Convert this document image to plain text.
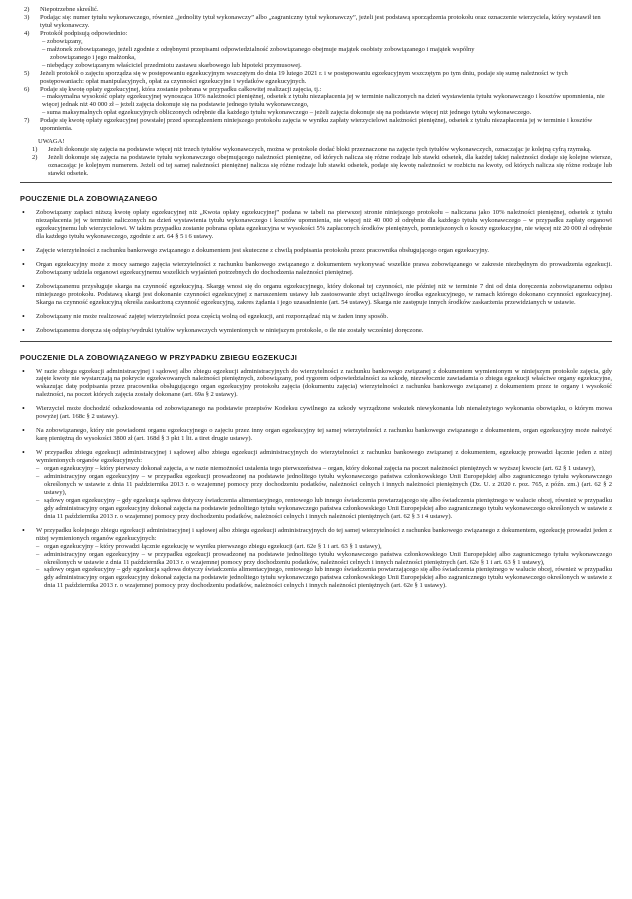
2)	Niepotrzebne skreślić.
3)	Podając się: numer tytułu wykonawczego, również „jednolity tytuł wykonawczy” albo „zagraniczny tytuł wykonawczy”, jeżeli jest podstawą sporządzenia protokołu oraz oznaczenie wierzyciela, który wystawił ten tytuł wykonawczy.
4)	Protokół podpisują odpowiednio:
– zobowiązany,
– małżonek zobowiązanego, jeżeli zgodnie z odrębnymi przepisami odpowiedzialność zobowiązanego obejmuje majątek osobisty zobowiązanego i majątek wspólny
zobowiązanego i jego małżonka,
– niebędący zobowiązanym właściciel przedmiotu zastawu skarbowego lub hipoteki przymusowej.
5)	Jeżeli protokół o zajęciu sporządza się w postępowaniu egzekucyjnym wszczętym do dnia 19 lutego 2021 r. i w postępowaniu egzekucyjnym wszczętym po tym dniu, podaje się sumę należności w tych postępowaniach: opłat manipulacyjnych, opłat za czynności egzekucyjne i wydatków egzekucyjnych.
6)	Podaje się kwotę opłaty egzekucyjnej, która zostanie pobrana w przypadku całkowitej realizacji zajęcia, tj.:
– maksymalna wysokość opłaty egzekucyjnej wynosząca 10% należności pieniężnej, odsetek z tytułu niezapłacenia jej w terminie naliczonych na dzień wystawienia tytułu wykonawczego i kosztów upomnienia, nie więcej jednak niż 40 000 zł – jeżeli zajęcia dokonuje się na podstawie jednego tytułu wykonawczego,
– suma maksymalnych opłat egzekucyjnych obliczonych odrębnie dla każdego tytułu wykonawczego – jeżeli zajęcia dokonuje się na podstawie więcej niż jednego tytułu wykonawczego.
7)	Podaje się kwotę opłaty egzekucyjnej powstałej przed sporządzeniem niniejszego protokołu zajęcia w wyniku zapłaty wierzycielowi należności pieniężnej, odsetek z tytułu niezapłacenia jej w terminie i kosztów upomnienia.
UWAGA!
1)	Jeżeli dokonuje się zajęcia na podstawie więcej niż trzech tytułów wykonawczych, można w protokole dodać bloki przeznaczone na zajęcie tych tytułów wykonawczych, oznaczając je kolejną cyfrą rzymską.
2)	Jeżeli dokonuje się zajęcia na podstawie tytułu wykonawczego obejmującego należności pieniężne, od których nalicza się różne rodzaje lub stawki odsetek, dla każdej takiej należności dodaje się kolejne wiersze, oznaczając je kolejnym numerem. Jeżeli od tej samej należności pieniężnej nalicza się różne rodzaje lub stawki odsetek, podaje się kwotę należności w rozbiciu na kwoty, od których nalicza się różne rodzaje lub stawki odsetek.
POUCZENIE DLA ZOBOWIĄZANEGO
•	Zobowiązany zapłaci niższą kwotę opłaty egzekucyjnej niż „Kwota opłaty egzekucyjnej” podana w tabeli na pierwszej stronie niniejszego protokołu – naliczana jako 10% należności pieniężnej, odsetek z tytułu niezapłacenia jej w terminie naliczonych na dzień wystawienia tytułu wykonawczego i kosztów upomnienia, nie więcej niż 40 000 zł odrębnie dla każdego tytułu wykonawczego – w przypadku zapłaty organowi egzekucyjnemu lub wierzycielowi. W takim przypadku zostanie pobrana opłata egzekucyjna w wysokości 5% zapłaconych środków pieniężnych, pomniejszonych o koszty egzekucyjne, nie więcej niż 20 000 zł odrębnie dla każdego tytułu wykonawczego, zgodnie z art. 64 § 5 i 6 ustawy.
•	Zajęcie wierzytelności z rachunku bankowego związanego z dokumentem jest skuteczne z chwilą podpisania protokołu przez pracownika obsługującego organ egzekucyjny.
•	Organ egzekucyjny może z mocy samego zajęcia wierzytelności z rachunku bankowego związanego z dokumentem wykonywać wszelkie prawa zobowiązanego w zakresie niezbędnym do prowadzenia egzekucji. Zobowiązany udziela organowi egzekucyjnemu wszelkich wyjaśnień potrzebnych do dochodzenia należności pieniężnej.
•	Zobowiązanemu przysługuje skarga na czynność egzekucyjną. Skargę wnosi się do organu egzekucyjnego, który dokonał tej czynności, nie później niż w terminie 7 dni od dnia doręczenia zobowiązanemu odpisu niniejszego protokołu. Podstawą skargi jest dokonanie czynności egzekucyjnej z naruszeniem ustawy lub zastosowanie zbyt uciążliwego środka egzekucyjnego, w ramach którego dokonano czynności egzekucyjnej. Skarga na czynność egzekucyjną określa zaskarżoną czynność egzekucyjną, zakres żądania i jego uzasadnienie (art. 54 ustawy). Skarga nie zastępuje innych środków zaskarżenia przewidzianych w ustawie.
•	Zobowiązany nie może realizować zajętej wierzytelności poza częścią wolną od egzekucji, ani rozporządzać nią w żaden inny sposób.
•	Zobowiązanemu doręcza się odpisy/wydruki tytułów wykonawczych wymienionych w niniejszym protokole, o ile nie zostały wcześniej doręczone.
POUCZENIE DLA ZOBOWIĄZANEGO W PRZYPADKU ZBIEGU EGZEKUCJI
•	W razie zbiegu egzekucji administracyjnej i sądowej albo zbiegu egzekucji administracyjnych do wierzytelności z rachunku bankowego związanej z dokumentem wymienionym w niniejszym protokole zajęcia, gdy zajęte kwoty nie wystarczają na pokrycie egzekwowanych należności pieniężnych, zobowiązany, pod rygorem odpowiedzialności za szkodę, niezwłocznie zawiadamia o zbiegu egzekucji właściwe organy egzekucyjne, wskazując datę podpisania przez pracownika obsługującego organ egzekucyjny protokołu zajęcia (dokumentu zajęcia) wierzytelności z rachunku bankowego związanej z dokumentem przez te organy i wysokość należności, na poczet których zajęcia zostały dokonane (art. 69a § 2 ustawy).
•	Wierzyciel może dochodzić odszkodowania od zobowiązanego na podstawie przepisów Kodeksu cywilnego za szkody wyrządzone wskutek niewykonania lub nienależytego wykonania obowiązku, o którym mowa powyżej (art. 168c § 2 ustawy).
•	Na zobowiązanego, który nie powiadomi organu egzekucyjnego o zajęciu przez inny organ egzekucyjny tej samej wierzytelności z rachunku bankowego związanego z dokumentem, organ egzekucyjny może nałożyć karę pieniężną do wysokości 3800 zł (art. 168d § 3 pkt 1 lit. a tiret drugie ustawy).
•	W przypadku zbiegu egzekucji administracyjnej i sądowej albo zbiegu egzekucji administracyjnych do wierzytelności z rachunku bankowego związanej z dokumentem, egzekucję prowadzi łącznie jeden z niżej wymienionych organów egzekucyjnych:
– organ egzekucyjny – który pierwszy dokonał zajęcia, a w razie niemożności ustalenia tego pierwszeństwa – organ, który dokonał zajęcia na poczet należności pieniężnych w wyższej kwocie (art. 62 § 1 ustawy),
– administracyjny organ egzekucyjny – w przypadku egzekucji prowadzonej na podstawie jednolitego tytułu wykonawczego państwa członkowskiego Unii Europejskiej albo zagranicznego tytułu wykonawczego określonych w ustawie z dnia 11 października 2013 r. o wzajemnej pomocy przy dochodzeniu podatków, należności celnych i innych należności pieniężnych (Dz. U. z 2020 r. poz. 765, z późn. zm.) (art. 62 § 2 ustawy),
– sądowy organ egzekucyjny – gdy egzekucja sądowa dotyczy świadczenia alimentacyjnego, rentowego lub innego świadczenia powtarzającego się albo świadczenia pieniężnego w walucie obcej, również w przypadku gdy administracyjny organ egzekucyjny dokonał zajęcia na podstawie jednolitego tytułu wykonawczego państwa członkowskiego Unii Europejskiej albo zagranicznego tytułu wykonawczego określonych w ustawie z dnia 11 października 2013 r. o wzajemnej pomocy przy dochodzeniu podatków, należności celnych i innych należności pieniężnych (art. 62 § 3 i 4 ustawy).
•	W przypadku kolejnego zbiegu egzekucji administracyjnej i sądowej albo zbiegu egzekucji administracyjnych do tej samej wierzytelności z rachunku bankowego związanego z dokumentem, egzekucję prowadzi jeden z niżej wymienionych organów egzekucyjnych:
– organ egzekucyjny – który prowadzi łącznie egzekucję w wyniku pierwszego zbiegu egzekucji (art. 62e § 1 i art. 63 § 1 ustawy),
– administracyjny organ egzekucyjny – w przypadku egzekucji prowadzonej na podstawie jednolitego tytułu wykonawczego państwa członkowskiego Unii Europejskiej albo zagranicznego tytułu wykonawczego określonych w ustawie z dnia 11 października 2013 r. o wzajemnej pomocy przy dochodzeniu podatków, należności celnych i innych należności pieniężnych (art. 62e § 1 i art. 63 § 1 ustawy),
– sądowy organ egzekucyjny – gdy egzekucja sądowa dotyczy świadczenia alimentacyjnego, rentowego lub innego świadczenia powtarzającego się albo świadczenia pieniężnego w walucie obcej, również w przypadku gdy administracyjny organ egzekucyjny dokonał zajęcia na podstawie jednolitego tytułu wykonawczego państwa członkowskiego Unii Europejskiej albo zagranicznego tytułu wykonawczego określonych w ustawie z dnia 11 października 2013 r. o wzajemnej pomocy przy dochodzeniu podatków, należności celnych i innych należności pieniężnych (art. 62e § 1 ustawy).
